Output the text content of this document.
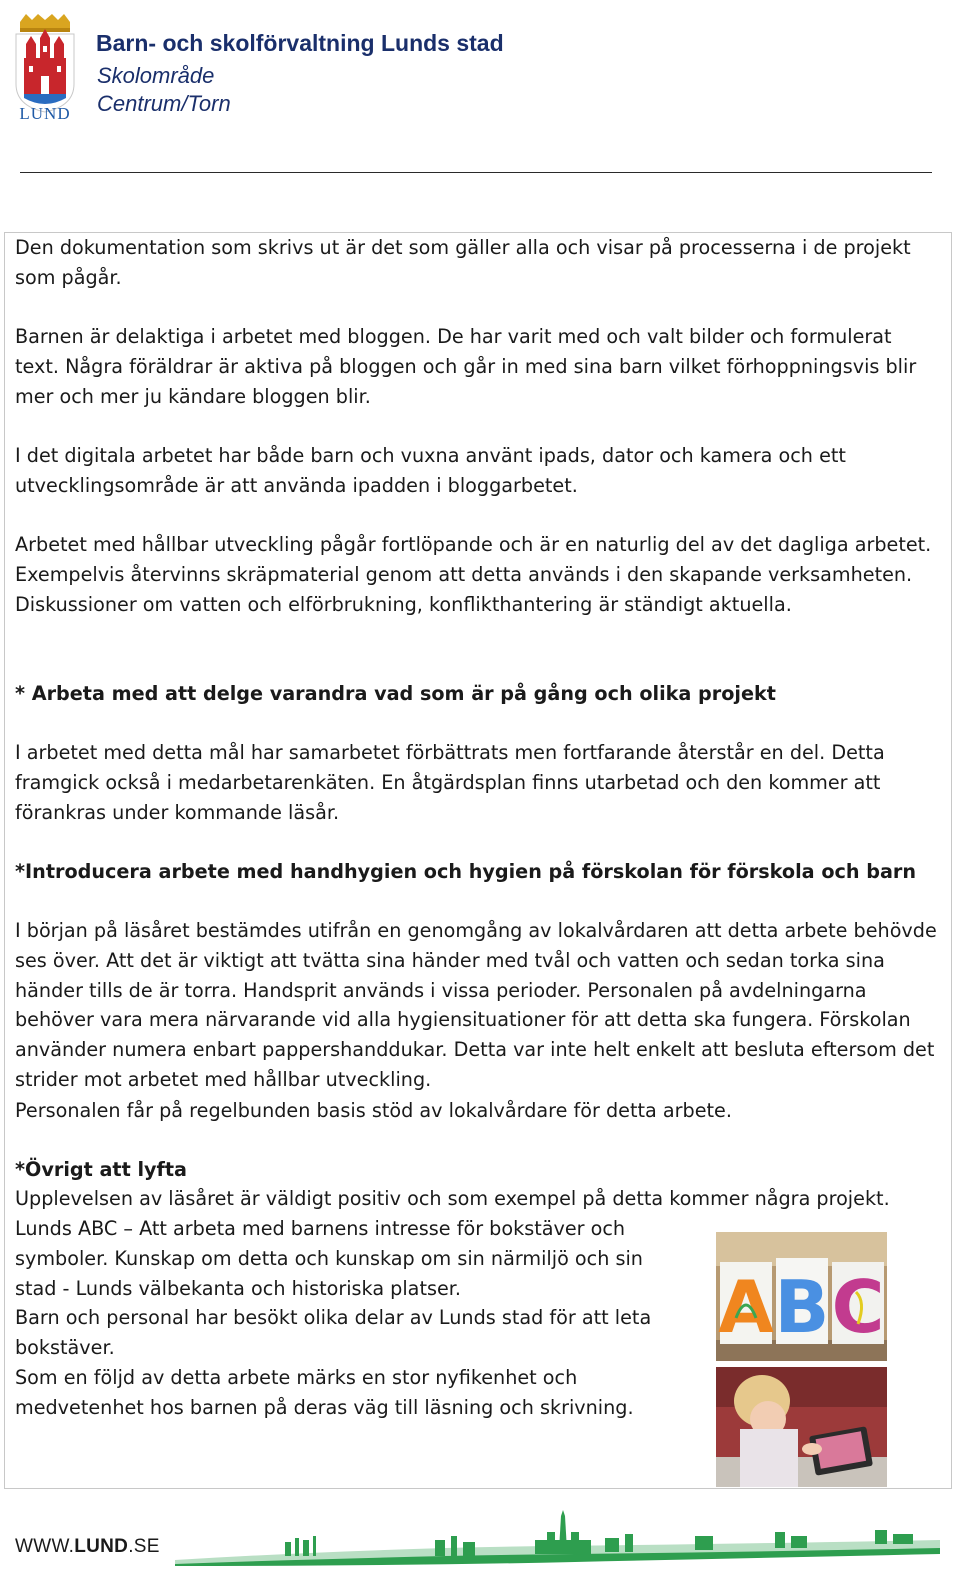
LUND
Barn- och skolförvaltning Lunds stad
Skolområde
Centrum/Torn

Den dokumentation som skrivs ut är det som gäller alla och visar på processerna i de projekt som pågår.

Barnen är delaktiga i arbetet med bloggen. De har varit med och valt bilder och formulerat text. Några föräldrar är aktiva på bloggen och går in med sina barn vilket förhoppningsvis blir mer och mer ju kändare bloggen blir.

I det digitala arbetet har både barn och vuxna använt ipads, dator och kamera och ett utvecklingsområde är att använda ipadden i bloggarbetet.

Arbetet med hållbar utveckling pågår fortlöpande och är en naturlig del av det dagliga arbetet. Exempelvis återvinns skräpmaterial genom att detta används i den skapande verksamheten. Diskussioner om vatten och elförbrukning, konflikthantering är ständigt aktuella.

* Arbeta med att delge varandra vad som är på gång och olika projekt

I arbetet med detta mål har samarbetet förbättrats men fortfarande återstår en del. Detta framgick också i medarbetarenkäten. En åtgärdsplan finns utarbetad och den kommer att förankras under kommande läsår.

*Introducera arbete med handhygien och hygien på förskolan för förskola och barn

I början på läsåret bestämdes utifrån en genomgång av lokalvårdaren att detta arbete behövde ses över. Att det är viktigt att tvätta sina händer med tvål och vatten och sedan torka sina händer tills de är torra. Handsprit används i vissa perioder. Personalen på avdelningarna behöver vara mera närvarande vid alla hygiensituationer för att detta ska fungera. Förskolan använder numera enbart pappershanddukar. Detta var inte helt enkelt att besluta eftersom det strider mot arbetet med hållbar utveckling.

Personalen får på regelbunden basis stöd av lokalvårdare för detta arbete.

*Övrigt att lyfta

Upplevelsen av läsåret är väldigt positiv och som exempel på detta kommer några projekt.

Lunds ABC – Att arbeta med barnens intresse för bokstäver och symboler. Kunskap om detta och kunskap om sin närmiljö och sin stad - Lunds välbekanta och historiska platser.

Barn och personal har besökt olika delar av Lunds stad för att leta bokstäver.

Som en följd av detta arbete märks en stor nyfikenhet och medvetenhet hos barnen på deras väg till läsning och skrivning.

A B C
WWW.LUND.SE
